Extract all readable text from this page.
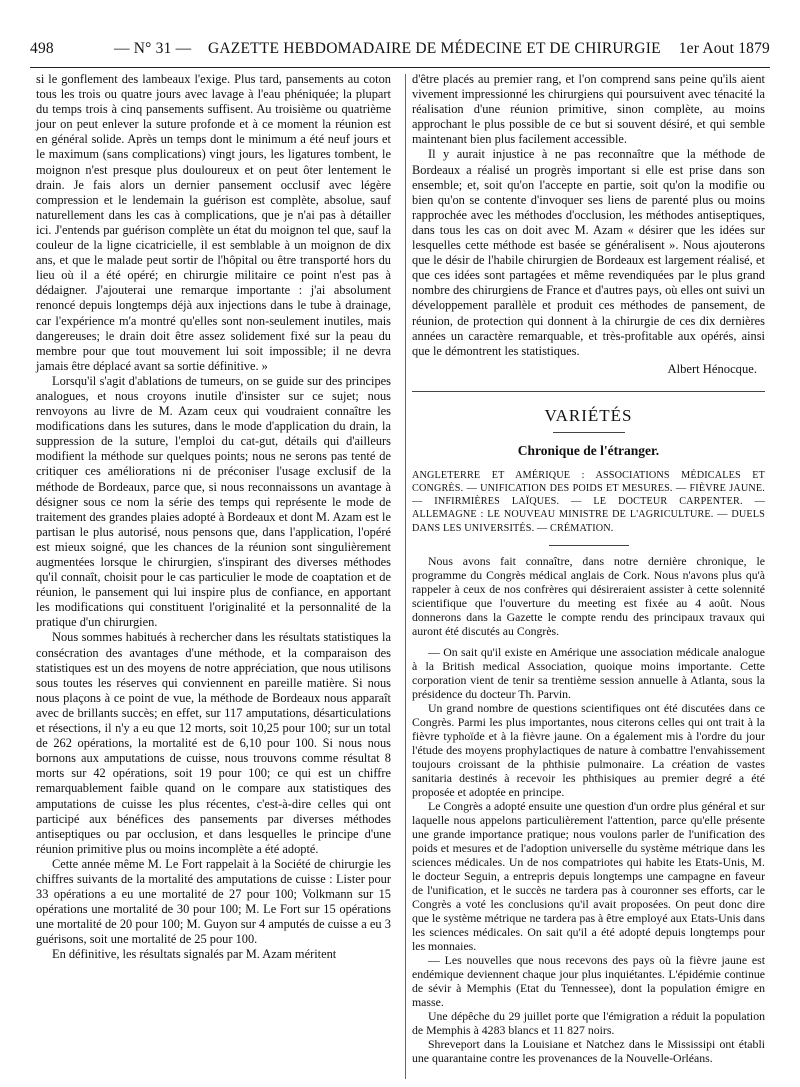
498	— N° 31 — GAZETTE HEBDOMADAIRE DE MÉDECINE ET DE CHIRURGIE 1er Aout 1879

si le gonflement des lambeaux l'exige. Plus tard, pansements au coton tous les trois ou quatre jours avec lavage à l'eau phéniquée; la plupart du temps trois à cinq pansements suffisent. Au troisième ou quatrième jour on peut enlever la suture profonde et à ce moment la réunion est en général solide. Après un temps dont le minimum a été neuf jours et le maximum (sans complications) vingt jours, les ligatures tombent, le moignon n'est presque plus douloureux et on peut ôter lentement le drain. Je fais alors un dernier pansement occlusif avec légère compression et le lendemain la guérison est complète, absolue, sauf naturellement dans les cas à complications, que je n'ai pas à détailler ici. J'entends par guérison complète un état du moignon tel que, sauf la couleur de la ligne cicatricielle, il est semblable à un moignon de dix ans, et que le malade peut sortir de l'hôpital ou être transporté hors du lieu où il a été opéré; en chirurgie militaire ce point n'est pas à dédaigner. J'ajouterai une remarque importante : j'ai absolument renoncé depuis longtemps déjà aux injections dans le tube à drainage, car l'expérience m'a montré qu'elles sont non-seulement inutiles, mais dangereuses; le drain doit être assez solidement fixé sur la peau du membre pour que tout mouvement lui soit impossible; il ne devra jamais être déplacé avant sa sortie définitive. »

Lorsqu'il s'agit d'ablations de tumeurs, on se guide sur des principes analogues, et nous croyons inutile d'insister sur ce sujet; nous renvoyons au livre de M. Azam ceux qui voudraient connaître les modifications dans les sutures, dans le mode d'application du drain, la suppression de la suture, l'emploi du cat-gut, détails qui d'ailleurs modifient la méthode sur quelques points; nous ne serons pas tenté de critiquer ces améliorations ni de préconiser l'usage exclusif de la méthode de Bordeaux, parce que, si nous reconnaissons un avantage à désigner sous ce nom la série des temps qui représente le mode de traitement des grandes plaies adopté à Bordeaux et dont M. Azam est le partisan le plus autorisé, nous pensons que, dans l'application, l'opéré est mieux soigné, que les chances de la réunion sont singulièrement augmentées lorsque le chirurgien, s'inspirant des diverses méthodes qu'il connaît, choisit pour le cas particulier le mode de coaptation et de réunion, le pansement qui lui inspire plus de confiance, en apportant les modifications qui constituent l'originalité et la personnalité de la pratique d'un chirurgien.

Nous sommes habitués à rechercher dans les résultats statistiques la consécration des avantages d'une méthode, et la comparaison des statistiques est un des moyens de notre appréciation, que nous utilisons sous toutes les réserves qui conviennent en pareille matière. Si nous nous plaçons à ce point de vue, la méthode de Bordeaux nous apparaît avec de brillants succès; en effet, sur 117 amputations, désarticulations et résections, il n'y a eu que 12 morts, soit 10,25 pour 100; sur un total de 262 opérations, la mortalité est de 6,10 pour 100. Si nous nous bornons aux amputations de cuisse, nous trouvons comme résultat 8 morts sur 42 opérations, soit 19 pour 100; ce qui est un chiffre remarquablement faible quand on le compare aux statistiques des amputations de cuisse les plus récentes, c'est-à-dire celles qui ont participé aux bénéfices des pansements par diverses méthodes antiseptiques ou par occlusion, et dans lesquelles le principe d'une réunion primitive plus ou moins incomplète a été adopté.

Cette année même M. Le Fort rappelait à la Société de chirurgie les chiffres suivants de la mortalité des amputations de cuisse : Lister pour 33 opérations a eu une mortalité de 27 pour 100; Volkmann sur 15 opérations une mortalité de 30 pour 100; M. Le Fort sur 15 opérations une mortalité de 20 pour 100; M. Guyon sur 4 amputés de cuisse a eu 3 guérisons, soit une mortalité de 25 pour 100.

En définitive, les résultats signalés par M. Azam méritent

d'être placés au premier rang, et l'on comprend sans peine qu'ils aient vivement impressionné les chirurgiens qui poursuivent avec ténacité la réalisation d'une réunion primitive, sinon complète, au moins approchant le plus possible de ce but si souvent désiré, et qui semble maintenant bien plus facilement accessible.

Il y aurait injustice à ne pas reconnaître que la méthode de Bordeaux a réalisé un progrès important si elle est prise dans son ensemble; et, soit qu'on l'accepte en partie, soit qu'on la modifie ou bien qu'on se contente d'invoquer ses liens de parenté plus ou moins rapprochée avec les méthodes d'occlusion, les méthodes antiseptiques, dans tous les cas on doit avec M. Azam « désirer que les idées sur lesquelles cette méthode est basée se généralisent ». Nous ajouterons que le désir de l'habile chirurgien de Bordeaux est largement réalisé, et que ces idées sont partagées et même revendiquées par le plus grand nombre des chirurgiens de France et d'autres pays, où elles ont suivi un développement parallèle et produit ces méthodes de pansement, de réunion, de protection qui donnent à la chirurgie de ces dix dernières années un caractère remarquable, et très-profitable aux opérés, ainsi que le démontrent les statistiques.

Albert Hénocque.

VARIÉTÉS
Chronique de l'étranger.

ANGLETERRE ET AMÉRIQUE : ASSOCIATIONS MÉDICALES ET CONGRÈS. — UNIFICATION DES POIDS ET MESURES. — FIÈVRE JAUNE. — INFIRMIÈRES LAÏQUES. — LE DOCTEUR CARPENTER. — ALLEMAGNE : LE NOUVEAU MINISTRE DE L'AGRICULTURE. — DUELS DANS LES UNIVERSITÉS. — CRÉMATION.

Nous avons fait connaître, dans notre dernière chronique, le programme du Congrès médical anglais de Cork. Nous n'avons plus qu'à rappeler à ceux de nos confrères qui désireraient assister à cette solennité scientifique que l'ouverture du meeting est fixée au 4 août. Nous donnerons dans la Gazette le compte rendu des principaux travaux qui auront été discutés au Congrès.

— On sait qu'il existe en Amérique une association médicale analogue à la British medical Association, quoique moins importante. Cette corporation vient de tenir sa trentième session annuelle à Atlanta, sous la présidence du docteur Th. Parvin.

Un grand nombre de questions scientifiques ont été discutées dans ce Congrès. Parmi les plus importantes, nous citerons celles qui ont trait à la fièvre typhoïde et à la fièvre jaune. On a également mis à l'ordre du jour l'étude des moyens prophylactiques de nature à combattre l'envahissement toujours croissant de la phthisie pulmonaire. La création de vastes sanitaria destinés à recevoir les phthisiques au premier degré a été proposée et adoptée en principe.

Le Congrès a adopté ensuite une question d'un ordre plus général et sur laquelle nous appelons particulièrement l'attention, parce qu'elle présente une grande importance pratique; nous voulons parler de l'unification des poids et mesures et de l'adoption universelle du système métrique dans les sciences médicales. Un de nos compatriotes qui habite les Etats-Unis, M. le docteur Seguin, a entrepris depuis longtemps une campagne en faveur de l'unification, et le succès ne tardera pas à couronner ses efforts, car le Congrès a voté les conclusions qu'il avait proposées. On peut donc dire que le système métrique ne tardera pas à être employé aux Etats-Unis dans les sciences médicales. On sait qu'il a été adopté depuis longtemps pour les monnaies.

— Les nouvelles que nous recevons des pays où la fièvre jaune est endémique deviennent chaque jour plus inquiétantes. L'épidémie continue de sévir à Memphis (Etat du Tennessee), dont la population émigre en masse.

Une dépêche du 29 juillet porte que l'émigration a réduit la population de Memphis à 4283 blancs et 11 827 noirs.

Shreveport dans la Louisiane et Natchez dans le Mississipi ont établi une quarantaine contre les provenances de la Nouvelle-Orléans.
